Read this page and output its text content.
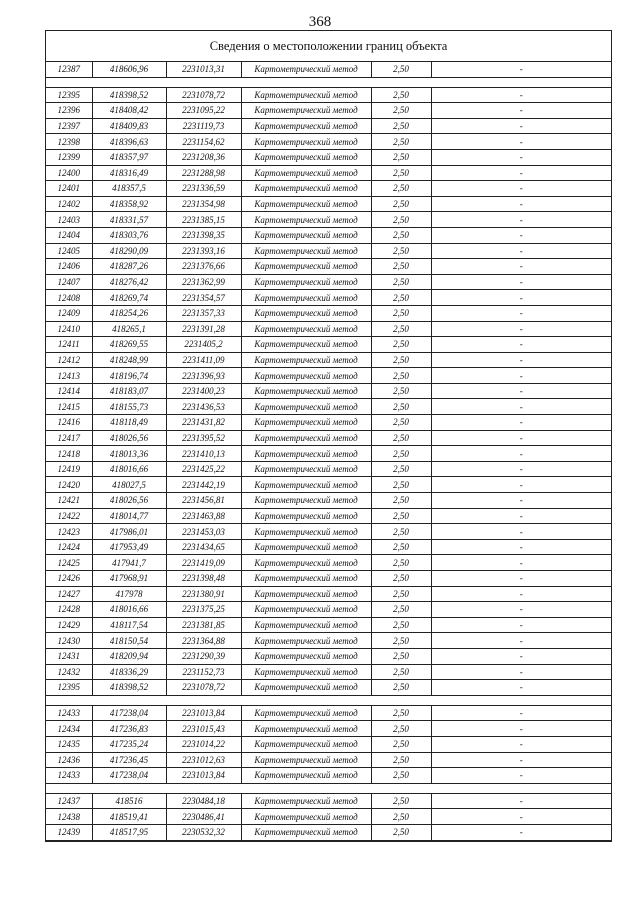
368
Сведения о местоположении границ объекта
12387	418606,96	2231013,31	Картометрический метод	2,50	-

12395	418398,52	2231078,72	Картометрический метод	2,50	-
12396	418408,42	2231095,22	Картометрический метод	2,50	-
12397	418409,83	2231119,73	Картометрический метод	2,50	-
12398	418396,63	2231154,62	Картометрический метод	2,50	-
12399	418357,97	2231208,36	Картометрический метод	2,50	-
12400	418316,49	2231288,98	Картометрический метод	2,50	-
12401	418357,5	2231336,59	Картометрический метод	2,50	-
12402	418358,92	2231354,98	Картометрический метод	2,50	-
12403	418331,57	2231385,15	Картометрический метод	2,50	-
12404	418303,76	2231398,35	Картометрический метод	2,50	-
12405	418290,09	2231393,16	Картометрический метод	2,50	-
12406	418287,26	2231376,66	Картометрический метод	2,50	-
12407	418276,42	2231362,99	Картометрический метод	2,50	-
12408	418269,74	2231354,57	Картометрический метод	2,50	-
12409	418254,26	2231357,33	Картометрический метод	2,50	-
12410	418265,1	2231391,28	Картометрический метод	2,50	-
12411	418269,55	2231405,2	Картометрический метод	2,50	-
12412	418248,99	2231411,09	Картометрический метод	2,50	-
12413	418196,74	2231396,93	Картометрический метод	2,50	-
12414	418183,07	2231400,23	Картометрический метод	2,50	-
12415	418155,73	2231436,53	Картометрический метод	2,50	-
12416	418118,49	2231431,82	Картометрический метод	2,50	-
12417	418026,56	2231395,52	Картометрический метод	2,50	-
12418	418013,36	2231410,13	Картометрический метод	2,50	-
12419	418016,66	2231425,22	Картометрический метод	2,50	-
12420	418027,5	2231442,19	Картометрический метод	2,50	-
12421	418026,56	2231456,81	Картометрический метод	2,50	-
12422	418014,77	2231463,88	Картометрический метод	2,50	-
12423	417986,01	2231453,03	Картометрический метод	2,50	-
12424	417953,49	2231434,65	Картометрический метод	2,50	-
12425	417941,7	2231419,09	Картометрический метод	2,50	-
12426	417968,91	2231398,48	Картометрический метод	2,50	-
12427	417978	2231380,91	Картометрический метод	2,50	-
12428	418016,66	2231375,25	Картометрический метод	2,50	-
12429	418117,54	2231381,85	Картометрический метод	2,50	-
12430	418150,54	2231364,88	Картометрический метод	2,50	-
12431	418209,94	2231290,39	Картометрический метод	2,50	-
12432	418336,29	2231152,73	Картометрический метод	2,50	-
12395	418398,52	2231078,72	Картометрический метод	2,50	-

12433	417238,04	2231013,84	Картометрический метод	2,50	-
12434	417236,83	2231015,43	Картометрический метод	2,50	-
12435	417235,24	2231014,22	Картометрический метод	2,50	-
12436	417236,45	2231012,63	Картометрический метод	2,50	-
12433	417238,04	2231013,84	Картометрический метод	2,50	-

12437	418516	2230484,18	Картометрический метод	2,50	-
12438	418519,41	2230486,41	Картометрический метод	2,50	-
12439	418517,95	2230532,32	Картометрический метод	2,50	-
